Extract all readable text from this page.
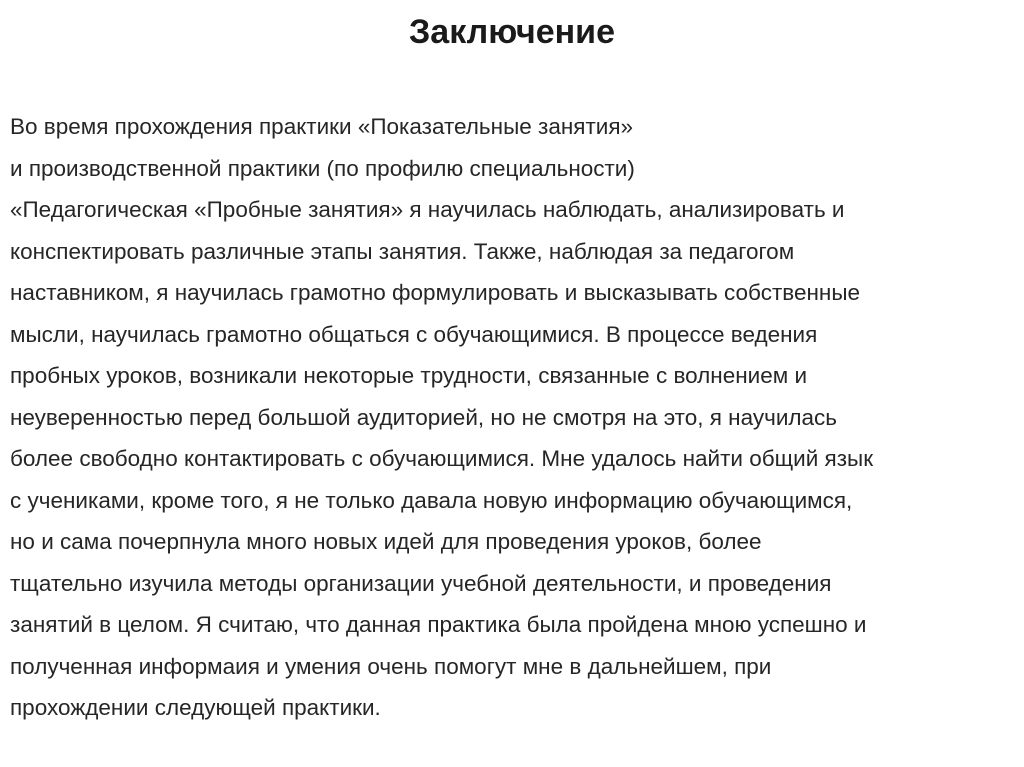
Заключение
Во время прохождения практики «Показательные занятия»
и производственной практики (по профилю специальности)
«Педагогическая «Пробные занятия» я научилась наблюдать, анализировать и
конспектировать различные этапы занятия. Также, наблюдая за педагогом
наставником, я научилась грамотно формулировать и высказывать собственные
мысли, научилась грамотно общаться с обучающимися. В процессе ведения
пробных уроков, возникали некоторые трудности, связанные с волнением и
неуверенностью перед большой аудиторией, но не смотря на это, я научилась
более свободно контактировать с обучающимися. Мне удалось найти общий язык
с учениками, кроме того, я не только давала новую информацию обучающимся,
но и сама почерпнула много новых идей для проведения уроков, более
тщательно изучила методы организации учебной деятельности, и проведения
занятий в целом. Я считаю, что данная практика была пройдена мною успешно и
полученная информаия и умения очень помогут мне в дальнейшем, при
прохождении следующей практики.
